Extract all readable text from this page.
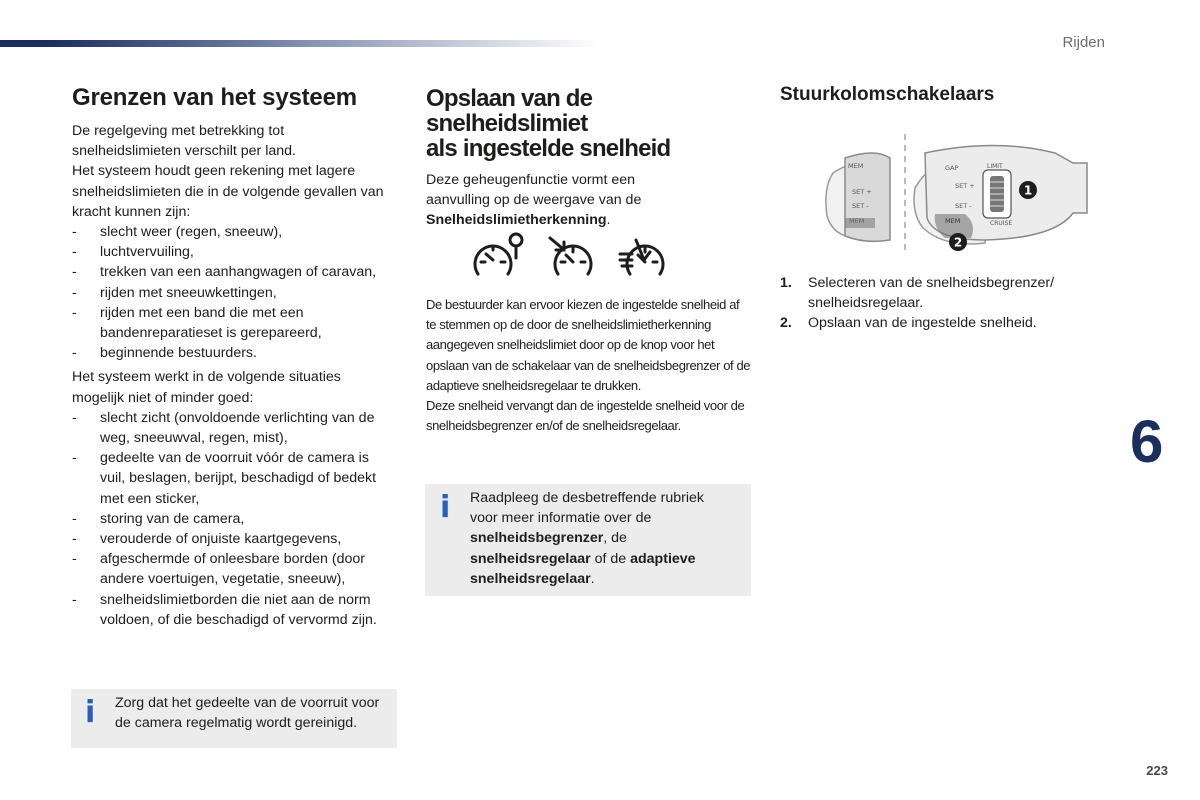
Rijden
6
223
Grenzen van het systeem

De regelgeving met betrekking tot snelheidslimieten verschilt per land.

Het systeem houdt geen rekening met lagere snelheidslimieten die in de volgende gevallen van kracht kunnen zijn:

- slecht weer (regen, sneeuw),
- luchtvervuiling,
- trekken van een aanhangwagen of caravan,
- rijden met sneeuwkettingen,
- rijden met een band die met een bandenreparatieset is gerepareerd,
- beginnende bestuurders.

Het systeem werkt in de volgende situaties mogelijk niet of minder goed:

- slecht zicht (onvoldoende verlichting van de weg, sneeuwval, regen, mist),
- gedeelte van de voorruit vóór de camera is vuil, beslagen, berijpt, beschadigd of bedekt met een sticker,
- storing van de camera,
- verouderde of onjuiste kaartgegevens,
- afgeschermde of onleesbare borden (door andere voertuigen, vegetatie, sneeuw),
- snelheidslimietborden die niet aan de norm voldoen, of die beschadigd of vervormd zijn.
i Zorg dat het gedeelte van de voorruit voor de camera regelmatig wordt gereinigd.

Opslaan van de snelheidslimiet
als ingestelde snelheid

Deze geheugenfunctie vormt een aanvulling op de weergave van de Snelheidslimietherkenning.

De bestuurder kan ervoor kiezen de ingestelde snelheid af te stemmen op de door de snelheidslimietherkenning aangegeven snelheidslimiet door op de knop voor het opslaan van de schakelaar van de snelheidsbegrenzer of de adaptieve snelheidsregelaar te drukken.

Deze snelheid vervangt dan de ingestelde snelheid voor de snelheidsbegrenzer en/of de snelheidsregelaar.

i Raadpleeg de desbetreffende rubriek voor meer informatie over de snelheidsbegrenzer, de snelheidsregelaar of de adaptieve snelheidsregelaar.

Stuurkolomschakelaars
MEM
SET +
SET -
GAP
SET +
SET -
LIMIT
CRUISE
MEM
1
2
1. Selecteren van de snelheidsbegrenzer/ snelheidsregelaar.
2. Opslaan van de ingestelde snelheid.
